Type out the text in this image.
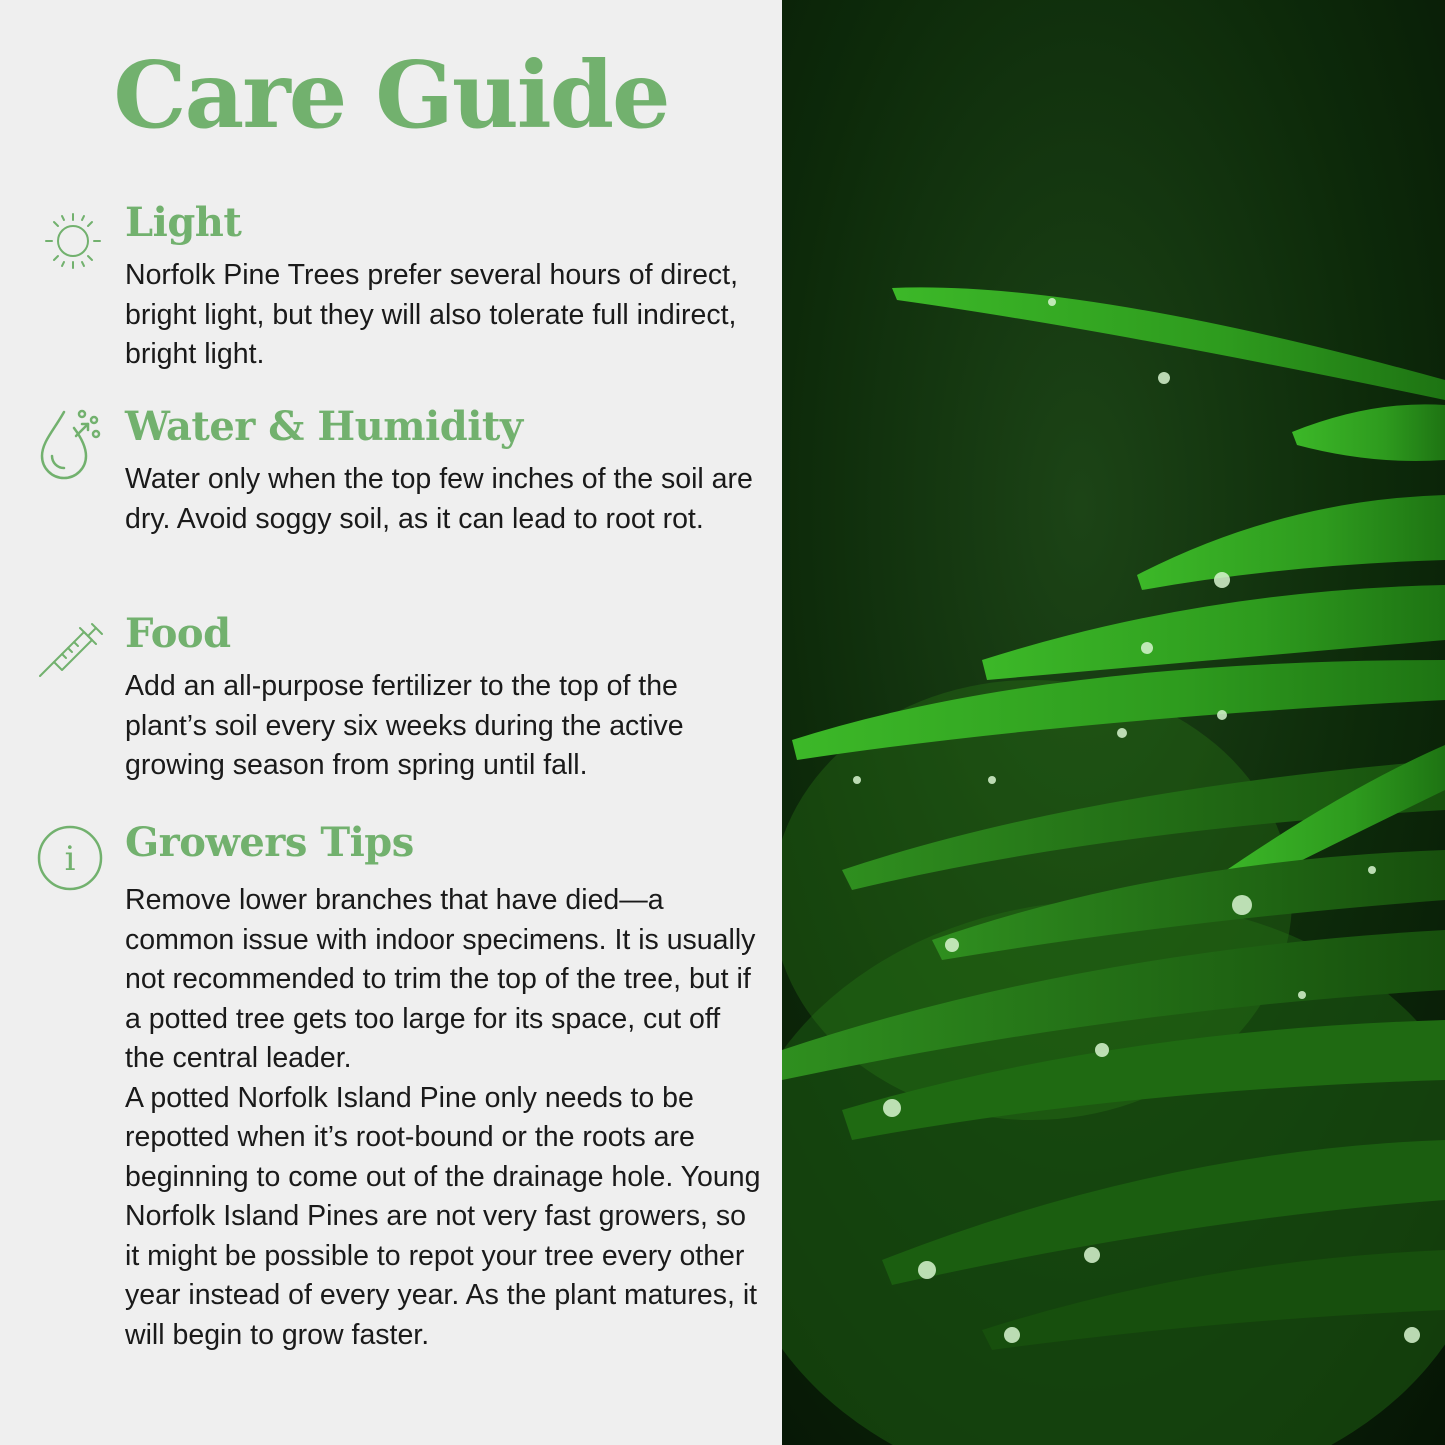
Care Guide
Light

Norfolk Pine Trees prefer several hours of direct, bright light, but they will also tolerate full indirect, bright light.

Water & Humidity

Water only when the top few inches of the soil are dry. Avoid soggy soil, as it can lead to root rot.

Food

Add an all-purpose fertilizer to the top of the plant’s soil every six weeks during the active growing season from spring until fall.

i Growers Tips

Remove lower branches that have died—a common issue with indoor specimens. It is usually not recommended to trim the top of the tree, but if a potted tree gets too large for its space, cut off the central leader.

A potted Norfolk Island Pine only needs to be repotted when it’s root-bound or the roots are beginning to come out of the drainage hole. Young Norfolk Island Pines are not very fast growers, so it might be possible to repot your tree every other year instead of every year. As the plant matures, it will begin to grow faster.
